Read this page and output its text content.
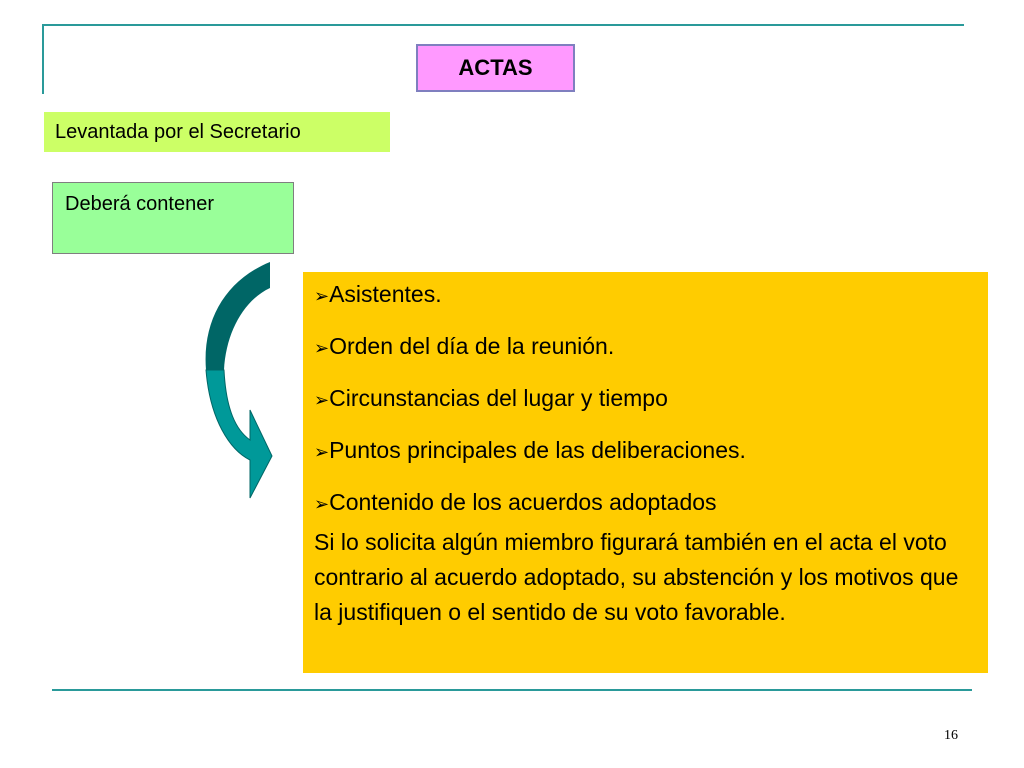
ACTAS
Levantada por el Secretario
Deberá contener
➢Asistentes.
➢Orden del día de la reunión.
➢Circunstancias del lugar y tiempo
➢Puntos principales de las deliberaciones.
➢Contenido de los acuerdos adoptados

Si lo solicita algún miembro figurará también en el acta el voto contrario al acuerdo adoptado, su abstención y los motivos que la justifiquen o el sentido de su voto favorable.

16
